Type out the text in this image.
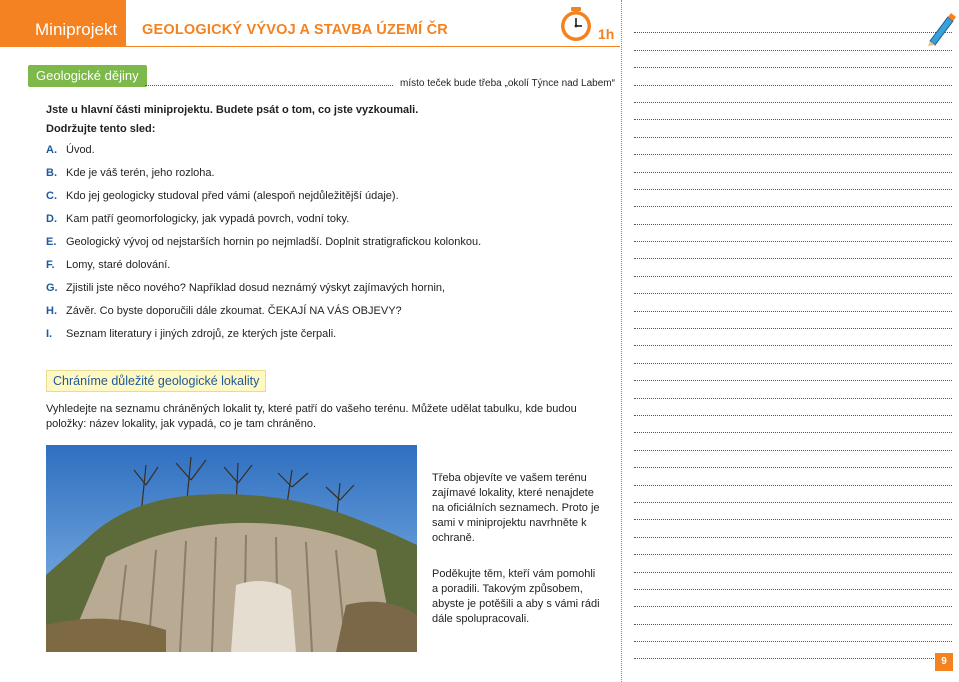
Miniprojekt GEOLOGICKÝ VÝVOJ A STAVBA ÚZEMÍ ČR	1h
Geologické dějiny
místo teček bude třeba „okolí Týnce nad Labem“
Jste u hlavní části miniprojektu. Budete psát o tom, co jste vyzkoumali.
Dodržujte tento sled:
A. Úvod.
B. Kde je váš terén, jeho rozloha.
C. Kdo jej geologicky studoval před vámi (alespoň nejdůležitější údaje).
D. Kam patří geomorfologicky, jak vypadá povrch, vodní toky.
E. Geologický vývoj od nejstarších hornin po nejmladší. Doplnit stratigrafickou kolonkou.
F. Lomy, staré dolování.
G. Zjistili jste něco nového? Například dosud neznámý výskyt zajímavých hornin,
H. Závěr. Co byste doporučili dále zkoumat. ČEKAJÍ NA VÁS OBJEVY?
I. Seznam literatury i jiných zdrojů, ze kterých jste čerpali.
Chráníme důležité geologické lokality
Vyhledejte na seznamu chráněných lokalit ty, které patří do vašeho terénu. Můžete udělat tabulku, kde budou položky: název lokality, jak vypadá, co je tam chráněno.
Třeba objevíte ve vašem terénu zajímavé lokality, které nenajdete na oficiálních seznamech. Proto je sami v miniprojektu navrhněte k ochraně.
Poděkujte těm, kteří vám pomohli a poradili. Takovým způsobem, abyste je potěšili a aby s vámi rádi dále spolupracovali.
9
